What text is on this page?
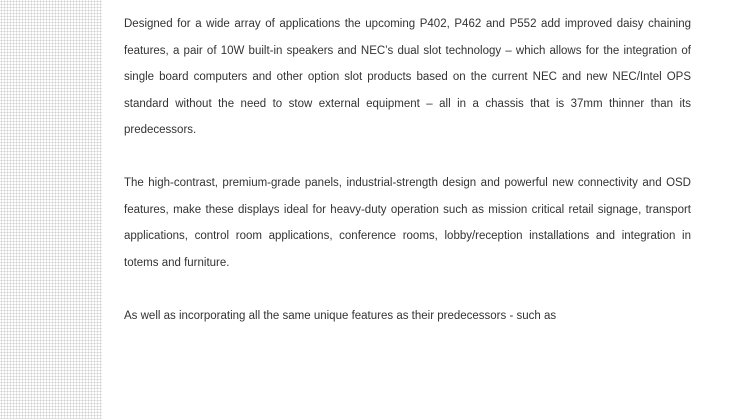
Designed for a wide array of applications the upcoming P402, P462 and P552 add improved daisy chaining features, a pair of 10W built-in speakers and NEC’s dual slot technology – which allows for the integration of single board computers and other option slot products based on the current NEC and new NEC/Intel OPS standard without the need to stow external equipment – all in a chassis that is 37mm thinner than its predecessors.

The high-contrast, premium-grade panels, industrial-strength design and powerful new connectivity and OSD features, make these displays ideal for heavy-duty operation such as mission critical retail signage, transport applications, control room applications, conference rooms, lobby/reception installations and integration in totems and furniture.

As well as incorporating all the same unique features as their predecessors - such as
